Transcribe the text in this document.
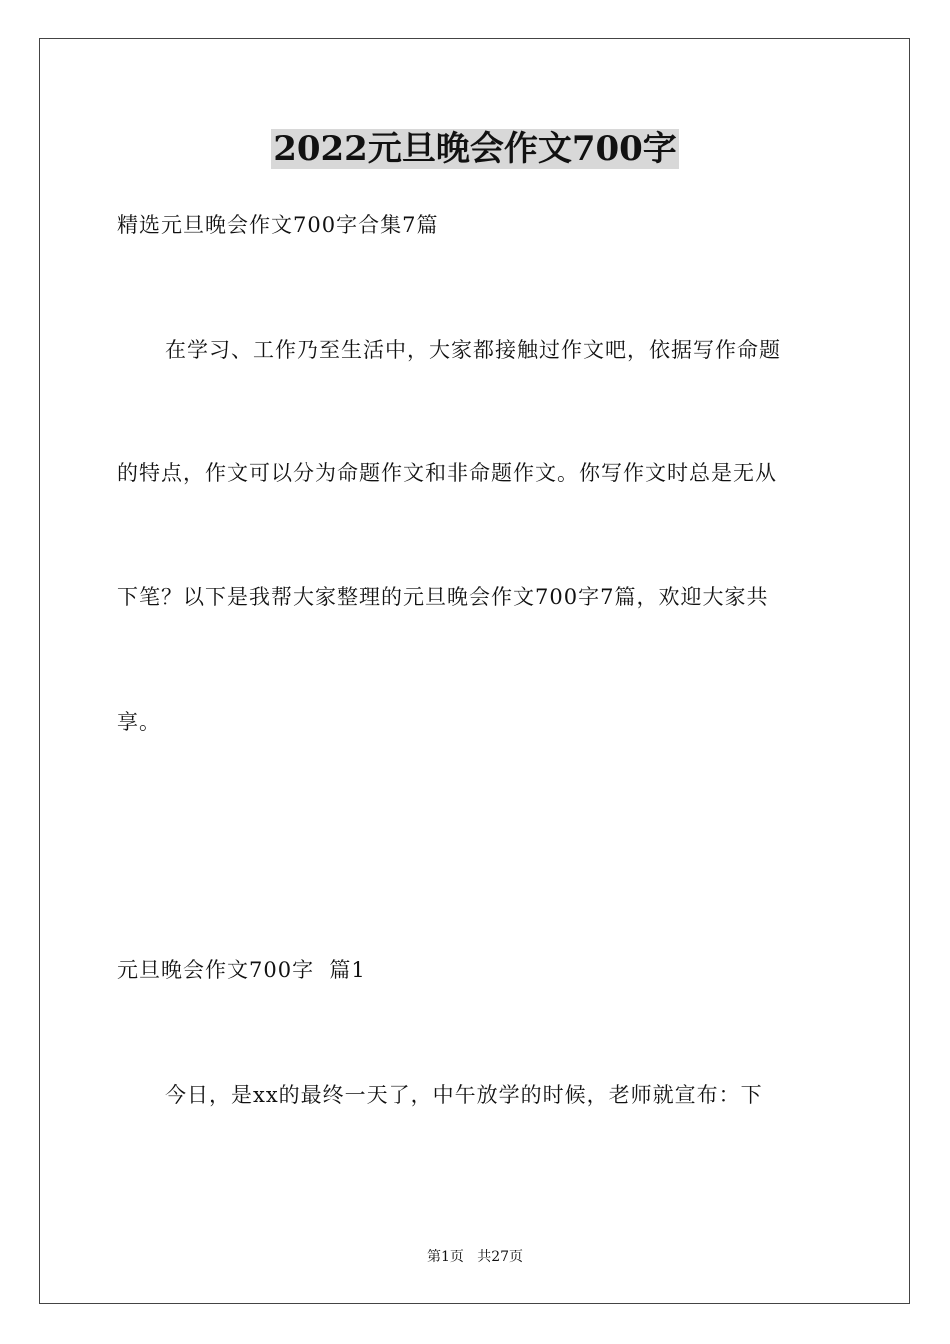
2022元旦晚会作文700字
精选元旦晚会作文700字合集7篇
在学习、工作乃至生活中，大家都接触过作文吧，依据写作命题
的特点，作文可以分为命题作文和非命题作文。你写作文时总是无从
下笔？以下是我帮大家整理的元旦晚会作文700字7篇，欢迎大家共
享。
元旦晚会作文700字  篇1
今日，是xx的最终一天了，中午放学的时候，老师就宣布：下
第1页   共27页
